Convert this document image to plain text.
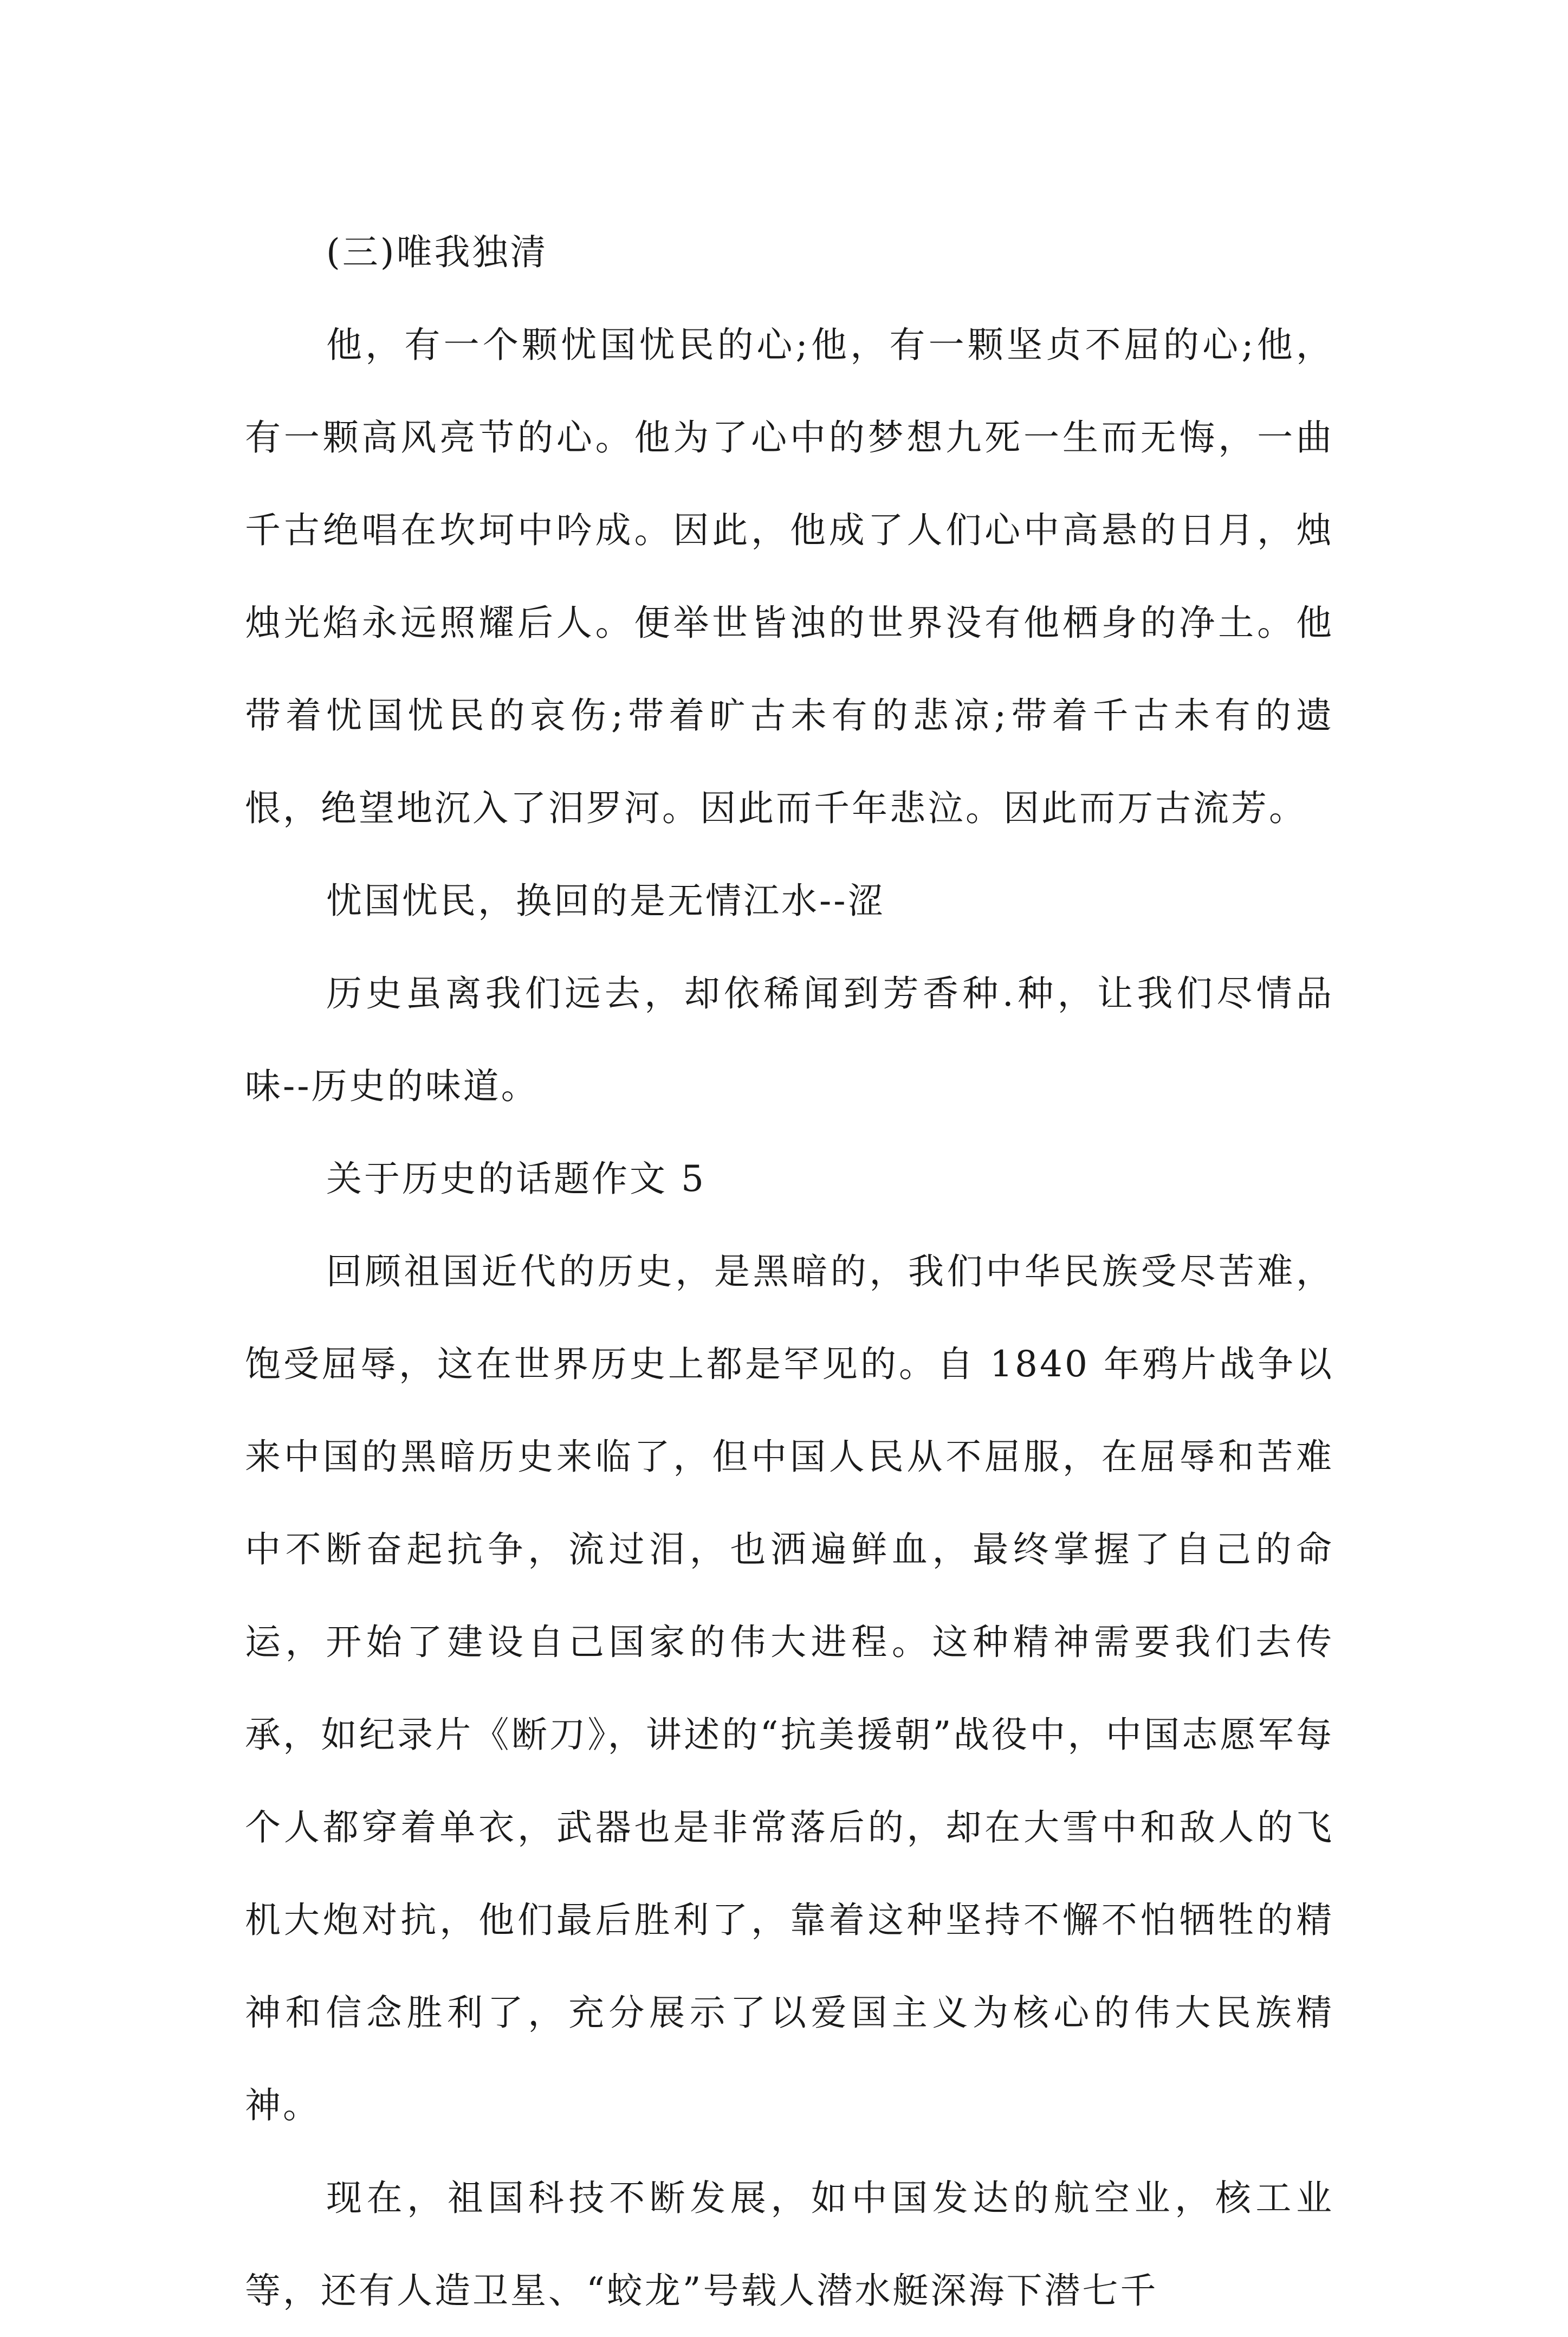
(三)唯我独清

他，有一个颗忧国忧民的心;他，有一颗坚贞不屈的心;他，有一颗高风亮节的心。他为了心中的梦想九死一生而无悔，一曲千古绝唱在坎坷中吟成。因此，他成了人们心中高悬的日月，烛烛光焰永远照耀后人。便举世皆浊的世界没有他栖身的净土。他带着忧国忧民的哀伤;带着旷古未有的悲凉;带着千古未有的遗恨，绝望地沉入了汨罗河。因此而千年悲泣。因此而万古流芳。

忧国忧民，换回的是无情江水--涩

历史虽离我们远去，却依稀闻到芳香种.种，让我们尽情品味--历史的味道。

关于历史的话题作文 5

回顾祖国近代的历史，是黑暗的，我们中华民族受尽苦难，饱受屈辱，这在世界历史上都是罕见的。自 1840 年鸦片战争以来中国的黑暗历史来临了，但中国人民从不屈服，在屈辱和苦难中不断奋起抗争，流过泪，也洒遍鲜血，最终掌握了自己的命运，开始了建设自己国家的伟大进程。这种精神需要我们去传承，如纪录片《断刀》，讲述的“抗美援朝”战役中，中国志愿军每个人都穿着单衣，武器也是非常落后的，却在大雪中和敌人的飞机大炮对抗，他们最后胜利了，靠着这种坚持不懈不怕牺牲的精神和信念胜利了，充分展示了以爱国主义为核心的伟大民族精神。

现在，祖国科技不断发展，如中国发达的航空业，核工业等，还有人造卫星、“蛟龙”号载人潜水艇深海下潜七千
